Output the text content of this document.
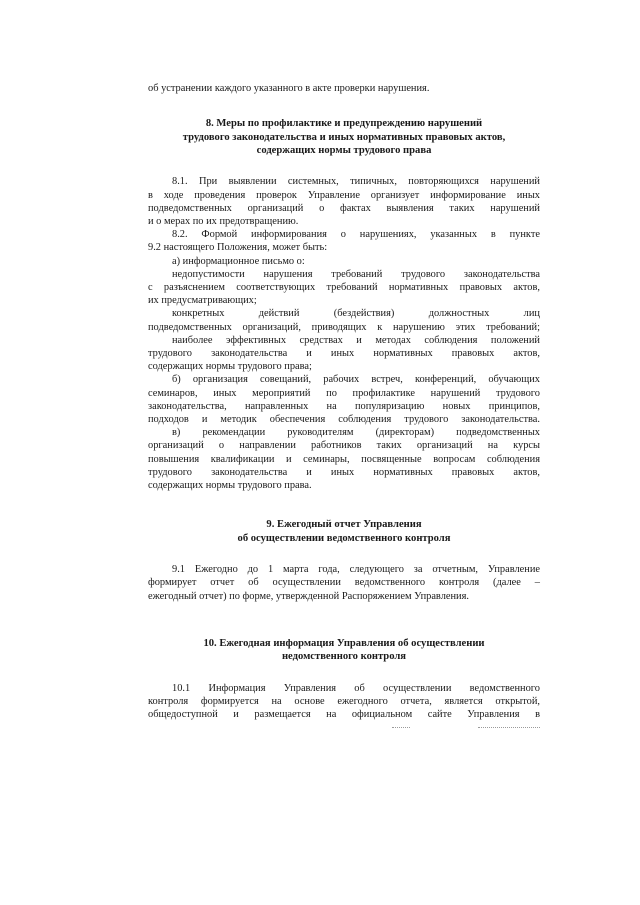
об устранении каждого указанного в акте проверки нарушения.
8. Меры по профилактике и предупреждению нарушений
трудового законодательства и иных нормативных правовых актов,
содержащих нормы трудового права
8.1. При выявлении системных, типичных, повторяющихся нарушений
в ходе проведения проверок Управление организует информирование иных
подведомственных организаций о фактах выявления таких нарушений
и о мерах по их предотвращению.
8.2. Формой информирования о нарушениях, указанных в пункте
9.2 настоящего Положения, может быть:
а) информационное письмо о:
недопустимости нарушения требований трудового законодательства
с разъяснением соответствующих требований нормативных правовых актов,
их предусматривающих;
конкретных действий (бездействия) должностных лиц
подведомственных организаций, приводящих к нарушению этих требований;
наиболее эффективных средствах и методах соблюдения положений
трудового законодательства и иных нормативных правовых актов,
содержащих нормы трудового права;
б) организация совещаний, рабочих встреч, конференций, обучающих
семинаров, иных мероприятий по профилактике нарушений трудового
законодательства, направленных на популяризацию новых принципов,
подходов и методик обеспечения соблюдения трудового законодательства.
в) рекомендации руководителям (директорам) подведомственных
организаций о направлении работников таких организаций на курсы
повышения квалификации и семинары, посвященные вопросам соблюдения
трудового законодательства и иных нормативных правовых актов,
содержащих нормы трудового права.
9. Ежегодный отчет Управления
об осуществлении ведомственного контроля
9.1 Ежегодно до 1 марта года, следующего за отчетным, Управление
формирует отчет об осуществлении ведомственного контроля (далее –
ежегодный отчет) по форме, утвержденной Распоряжением Управления.
10. Ежегодная информация Управления об осуществлении
недомственного контроля
10.1 Информация Управления об осуществлении ведомственного
контроля формируется на основе ежегодного отчета, является открытой,
общедоступной и размещается на официальном сайте Управления в
